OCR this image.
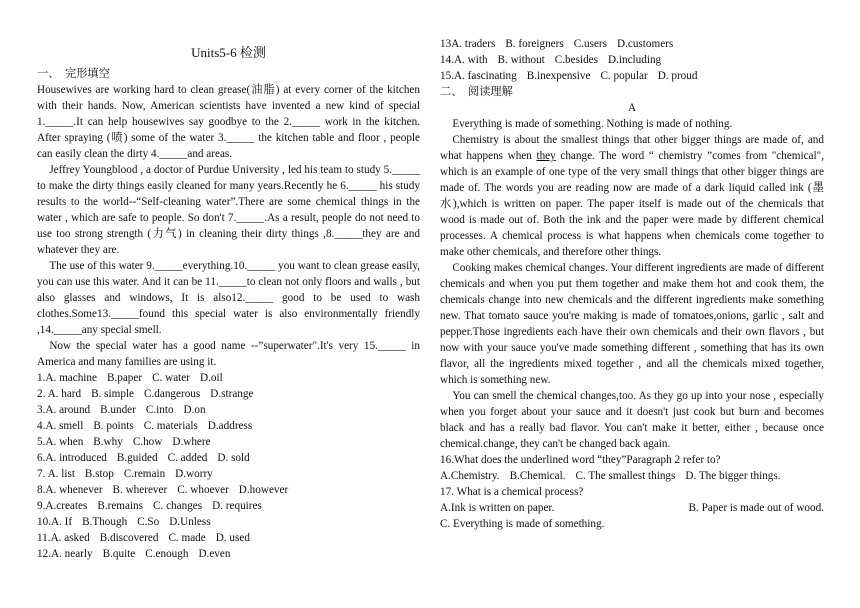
Units5-6 检测
一、 完形填空

Housewives are working hard to clean grease(油脂) at every corner of the kitchen with their hands. Now, American scientists have invented a new kind of special 1._____.It can help housewives say goodbye to the 2._____ work in the kitchen. After spraying (喷) some of the water 3._____ the kitchen table and floor , people can easily clean the dirty 4._____and areas.

Jeffrey Youngblood , a doctor of Purdue University , led his team to study 5._____ to make the dirty things easily cleaned for many years.Recently he 6._____ his study results to the world--“Self-cleaning water”.There are some chemical things in the water , which are safe to people. So don't 7._____.As a result, people do not need to use too strong strength (力气) in cleaning their dirty things ,8._____they are and whatever they are.

The use of this water 9._____everything.10._____ you want to clean grease easily, you can use this water. And it can be 11._____to clean not only floors and walls , but also glasses and windows, It is also12._____ good to be used to wash clothes.Some13._____found this special water is also environmentally friendly ,14._____any special smell.

Now the special water has a good name --”superwater".It's very 15._____ in America and many families are using it.

1.A. machine B.paper C. water D.oil
2. A. hard B. simple C.dangerous D.strange
3.A. around B.under C.into D.on
4.A. smell B. points C. materials D.address
5.A. when B.why C.how D.where
6.A. introduced B.guided C. added D. sold
7. A. list B.stop C.remain D.worry
8.A. whenever B. wherever C. whoever D.however
9.A.creates B.remains C. changes D. requires
10.A. If B.Though C.So D.Unless
11.A. asked B.discovered C. made D. used
12.A. nearly B.quite C.enough D.even
13A. traders B. foreigners C.users D.customers
14.A. with B. without C.besides D.including
15.A. fascinating B.inexpensive C. popular D. proud
二、 阅读理解
A

Everything is made of something. Nothing is made of nothing.

Chemistry is about the smallest things that other bigger things are made of, and what happens when they change. The word “ chemistry ”comes from "chemical", which is an example of one type of the very small things that other bigger things are made of. The words you are reading now are made of a dark liquid called ink (墨水),which is written on paper. The paper itself is made out of the chemicals that wood is made out of. Both the ink and the paper were made by different chemical processes. A chemical process is what happens when chemicals come together to make other chemicals, and therefore other things.

Cooking makes chemical changes. Your different ingredients are made of different chemicals and when you put them together and make them hot and cook them, the chemicals change into new chemicals and the different ingredients make something new. That tomato sauce you're making is made of tomatoes,onions, garlic , salt and pepper.Those ingredients each have their own chemicals and their own flavors , but now with your sauce you've made something different , something that has its own flavor, all the ingredients mixed together , and all the chemicals mixed together, which is something new.

You can smell the chemical changes,too. As they go up into your nose , especially when you forget about your sauce and it doesn't just cook but burn and becomes black and has a really bad flavor. You can't make it better, either , because once chemical.change, they can't be changed back again.

16.What does the underlined word “they”Paragraph 2 refer to?

A.Chemistry. B.Chemical. C. The smallest things D. The bigger things.

17. What is a chemical process?

A.Ink is written on paper.	B. Paper is made out of wood.
C. Everything is made of something.
